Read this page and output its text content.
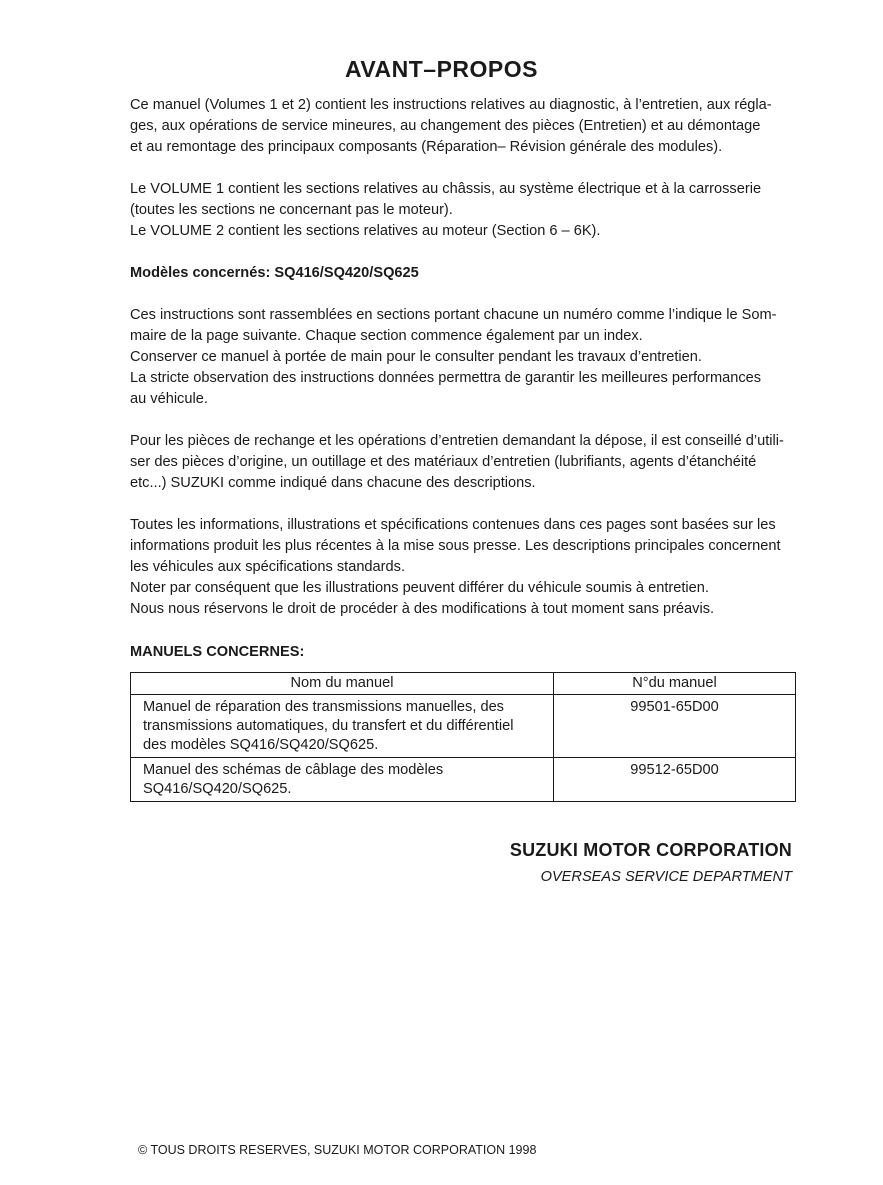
AVANT–PROPOS

Ce manuel (Volumes 1 et 2) contient les instructions relatives au diagnostic, à l’entretien, aux régla-
ges, aux opérations de service mineures, au changement des pièces (Entretien) et au démontage
et au remontage des principaux composants (Réparation– Révision générale des modules).

Le VOLUME 1 contient les sections relatives au châssis, au système électrique et à la carrosserie
(toutes les sections ne concernant pas le moteur).
Le VOLUME 2 contient les sections relatives au moteur (Section 6 – 6K).

Modèles concernés: SQ416/SQ420/SQ625

Ces instructions sont rassemblées en sections portant chacune un numéro comme l’indique le Som-
maire de la page suivante. Chaque section commence également par un index.
Conserver ce manuel à portée de main pour le consulter pendant les travaux d’entretien.
La stricte observation des instructions données permettra de garantir les meilleures performances
au véhicule.

Pour les pièces de rechange et les opérations d’entretien demandant la dépose, il est conseillé d’utili-
ser des pièces d’origine, un outillage et des matériaux d’entretien (lubrifiants, agents d’étanchéité
etc...) SUZUKI comme indiqué dans chacune des descriptions.

Toutes les informations, illustrations et spécifications contenues dans ces pages sont basées sur les
informations produit les plus récentes à la mise sous presse. Les descriptions principales concernent
les véhicules aux spécifications standards.
Noter par conséquent que les illustrations peuvent différer du véhicule soumis à entretien.
Nous nous réservons le droit de procéder à des modifications à tout moment sans préavis.

MANUELS CONCERNES:
Nom du manuel	N°du manuel

Manuel de réparation des transmissions manuelles, des
transmissions automatiques, du transfert et du différentiel
des modèles SQ416/SQ420/SQ625.	99501-65D00

Manuel des schémas de câblage des modèles
SQ416/SQ420/SQ625.	99512-65D00
SUZUKI MOTOR CORPORATION
OVERSEAS SERVICE DEPARTMENT
© TOUS DROITS RESERVES, SUZUKI MOTOR CORPORATION 1998
